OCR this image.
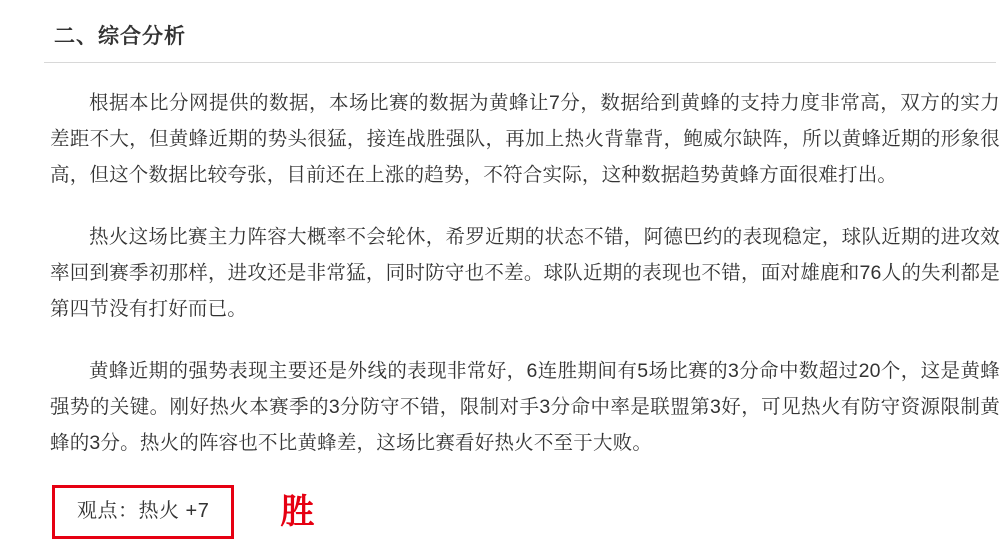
二、综合分析

根据本比分网提供的数据，本场比赛的数据为黄蜂让7分，数据给到黄蜂的支持力度非常高，双方的实力差距不大，但黄蜂近期的势头很猛，接连战胜强队，再加上热火背靠背，鲍威尔缺阵，所以黄蜂近期的形象很高，但这个数据比较夸张，目前还在上涨的趋势，不符合实际，这种数据趋势黄蜂方面很难打出。

热火这场比赛主力阵容大概率不会轮休，希罗近期的状态不错，阿德巴约的表现稳定，球队近期的进攻效率回到赛季初那样，进攻还是非常猛，同时防守也不差。球队近期的表现也不错，面对雄鹿和76人的失利都是第四节没有打好而已。

黄蜂近期的强势表现主要还是外线的表现非常好，6连胜期间有5场比赛的3分命中数超过20个，这是黄蜂强势的关键。刚好热火本赛季的3分防守不错，限制对手3分命中率是联盟第3好，可见热火有防守资源限制黄蜂的3分。热火的阵容也不比黄蜂差，这场比赛看好热火不至于大败。

观点：热火 +7	胜
